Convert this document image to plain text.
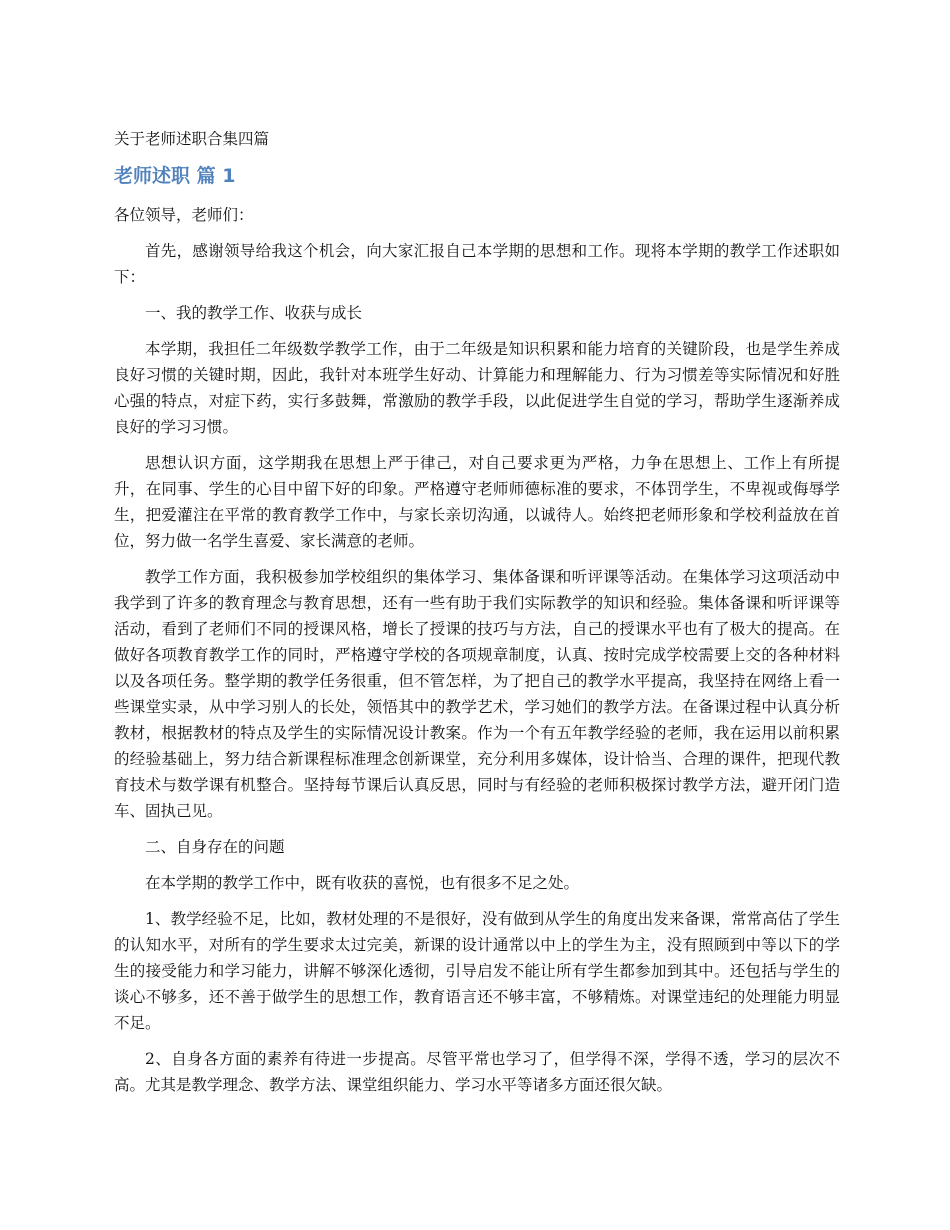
关于老师述职合集四篇

老师述职 篇 1

各位领导，老师们：

首先，感谢领导给我这个机会，向大家汇报自己本学期的思想和工作。现将本学期的教学工作述职如下：

一、我的教学工作、收获与成长

本学期，我担任二年级数学教学工作，由于二年级是知识积累和能力培育的关键阶段，也是学生养成良好习惯的关键时期，因此，我针对本班学生好动、计算能力和理解能力、行为习惯差等实际情况和好胜心强的特点，对症下药，实行多鼓舞，常激励的教学手段，以此促进学生自觉的学习，帮助学生逐渐养成良好的学习习惯。

思想认识方面，这学期我在思想上严于律己，对自己要求更为严格，力争在思想上、工作上有所提升，在同事、学生的心目中留下好的印象。严格遵守老师师德标准的要求，不体罚学生，不卑视或侮辱学生，把爱灌注在平常的教育教学工作中，与家长亲切沟通，以诚待人。始终把老师形象和学校利益放在首位，努力做一名学生喜爱、家长满意的老师。

教学工作方面，我积极参加学校组织的集体学习、集体备课和听评课等活动。在集体学习这项活动中我学到了许多的教育理念与教育思想，还有一些有助于我们实际教学的知识和经验。集体备课和听评课等活动，看到了老师们不同的授课风格，增长了授课的技巧与方法，自己的授课水平也有了极大的提高。在做好各项教育教学工作的同时，严格遵守学校的各项规章制度，认真、按时完成学校需要上交的各种材料以及各项任务。整学期的教学任务很重，但不管怎样，为了把自己的教学水平提高，我坚持在网络上看一些课堂实录，从中学习别人的长处，领悟其中的教学艺术，学习她们的教学方法。在备课过程中认真分析教材，根据教材的特点及学生的实际情况设计教案。作为一个有五年教学经验的老师，我在运用以前积累的经验基础上，努力结合新课程标准理念创新课堂，充分利用多媒体，设计恰当、合理的课件，把现代教育技术与数学课有机整合。坚持每节课后认真反思，同时与有经验的老师积极探讨教学方法，避开闭门造车、固执己见。

二、自身存在的问题

在本学期的教学工作中，既有收获的喜悦，也有很多不足之处。

1、教学经验不足，比如，教材处理的不是很好，没有做到从学生的角度出发来备课，常常高估了学生的认知水平，对所有的学生要求太过完美，新课的设计通常以中上的学生为主，没有照顾到中等以下的学生的接受能力和学习能力，讲解不够深化透彻，引导启发不能让所有学生都参加到其中。还包括与学生的谈心不够多，还不善于做学生的思想工作，教育语言还不够丰富，不够精炼。对课堂违纪的处理能力明显不足。

2、自身各方面的素养有待进一步提高。尽管平常也学习了，但学得不深，学得不透，学习的层次不高。尤其是教学理念、教学方法、课堂组织能力、学习水平等诸多方面还很欠缺。
